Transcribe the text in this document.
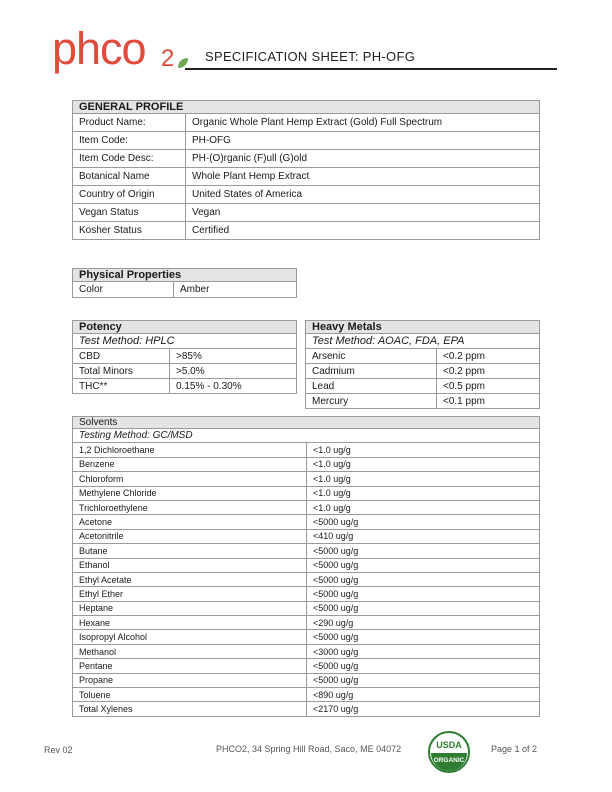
phco 2 SPECIFICATION SHEET: PH-OFG
GENERAL PROFILE	
Product Name:	Organic Whole Plant Hemp Extract (Gold) Full Spectrum
Item Code:	PH-OFG
Item Code Desc:	PH-(O)rganic (F)ull (G)old
Botanical Name	Whole Plant Hemp Extract
Country of Origin	United States of America
Vegan Status	Vegan
Kosher Status	Certified
Physical Properties
Color	Amber
Potency	
Test Method: HPLC	
CBD	>85%
Total Minors	>5.0%
THC**	0.15% - 0.30%
Heavy Metals	
Test Method: AOAC, FDA, EPA	
Arsenic	<0.2 ppm
Cadmium	<0.2 ppm
Lead	<0.5 ppm
Mercury	<0.1 ppm
Solvents	
Testing Method: GC/MSD	
1,2 Dichloroethane	<1.0 ug/g
Benzene	<1.0 ug/g
Chloroform	<1.0 ug/g
Methylene Chloride	<1.0 ug/g
Trichloroethylene	<1.0 ug/g
Acetone	<5000 ug/g
Acetonitrile	<410 ug/g
Butane	<5000 ug/g
Ethanol	<5000 ug/g
Ethyl Acetate	<5000 ug/g
Ethyl Ether	<5000 ug/g
Heptane	<5000 ug/g
Hexane	<290 ug/g
Isopropyl Alcohol	<5000 ug/g
Methanol	<3000 ug/g
Pentane	<5000 ug/g
Propane	<5000 ug/g
Toluene	<890 ug/g
Total Xylenes	<2170 ug/g
Rev 02	PHCO2, 34 Spring Hill Road, Saco, ME 04072	USDA
ORGANIC
Page 1 of 2
